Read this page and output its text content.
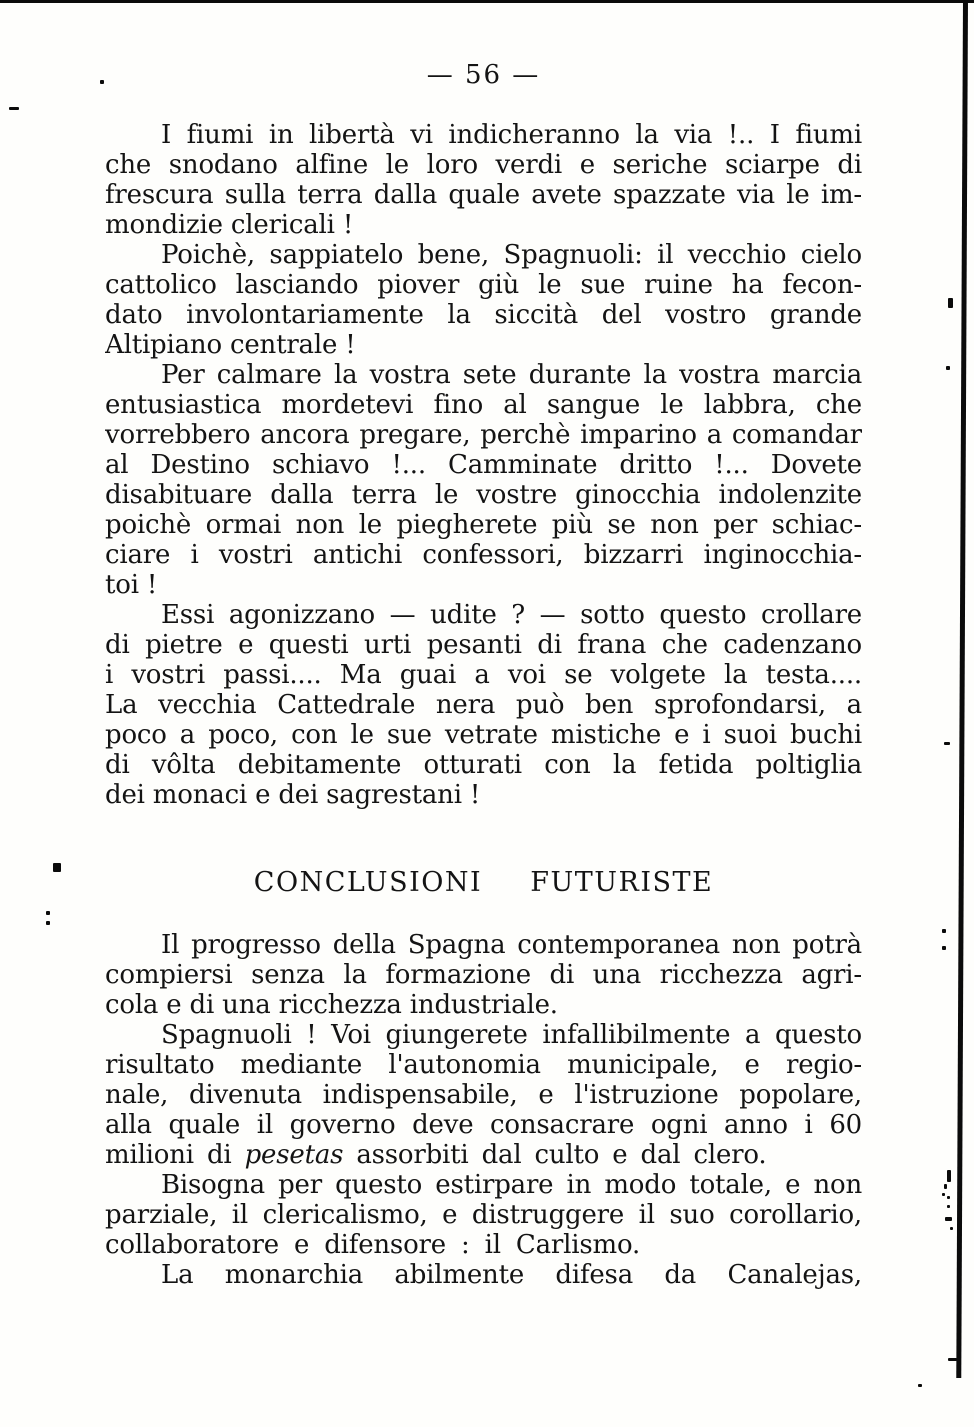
— 56 —
I fiumi in libertà vi indicheranno la via !.. I fiumi
che snodano alfine le loro verdi e seriche sciarpe di
frescura sulla terra dalla quale avete spazzate via le im-
mondizie clericali !
Poichè, sappiatelo bene, Spagnuoli: il vecchio cielo
cattolico lasciando piover giù le sue ruine ha fecon-
dato involontariamente la siccità del vostro grande
Altipiano centrale !
Per calmare la vostra sete durante la vostra marcia
entusiastica mordetevi fino al sangue le labbra, che
vorrebbero ancora pregare, perchè imparino a comandar
al Destino schiavo !... Camminate dritto !... Dovete
disabituare dalla terra le vostre ginocchia indolenzite
poichè ormai non le piegherete più se non per schiac-
ciare i vostri antichi confessori, bizzarri inginocchia-
toi !
Essi agonizzano — udite ? — sotto questo crollare
di pietre e questi urti pesanti di frana che cadenzano
i vostri passi.... Ma guai a voi se volgete la testa....
La vecchia Cattedrale nera può ben sprofondarsi, a
poco a poco, con le sue vetrate mistiche e i suoi buchi
di vôlta debitamente otturati con la fetida poltiglia
dei monaci e dei sagrestani !
CONCLUSIONI FUTURISTE
Il progresso della Spagna contemporanea non potrà
compiersi senza la formazione di una ricchezza agri-
cola e di una ricchezza industriale.
Spagnuoli ! Voi giungerete infallibilmente a questo
risultato mediante l'autonomia municipale, e regio-
nale, divenuta indispensabile, e l'istruzione popolare,
alla quale il governo deve consacrare ogni anno i 60
milioni di pesetas assorbiti dal culto e dal clero.
Bisogna per questo estirpare in modo totale, e non
parziale, il clericalismo, e distruggere il suo corollario,
collaboratore e difensore : il Carlismo.
La monarchia abilmente difesa da Canalejas,
